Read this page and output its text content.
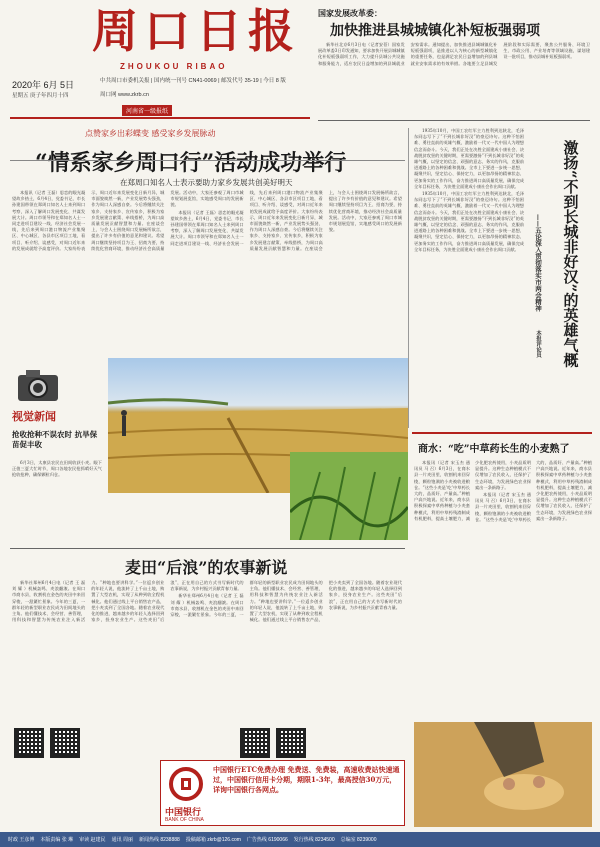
周口日报
ZHOUKOU RIBAO
2020年 6月 5日
星期五 庚子年四月十四
中共周口市委机关报 | 国内统一刊号 CN41-0069 | 邮发代号 35-19 | 今日 8 版
周口网 www.zkrb.cn
河南省一级报纸
国家发展改革委：
加快推进县城城镇化补短板强弱项

新华社北京6月3日电（记者安蓓）国家发展改革委3日印发通知，要求加快开展县城城镇化补短板强弱项工作，大力提升县城公共设施和服务能力，适应农民日益增加的到县城就业安家需求。通知提出，加快推进县城城镇化补短板强弱项，是推进以人为核心的新型城镇化的重要任务，也是满足农民日益增加的到县城就业安家需求的有效举措。各地要立足县城发展阶段和实际需要，聚焦公共服务、环境卫生、市政公用、产业培育等领域设施，谋划建设一批项目，推动县城补短板强弱项。

点赞家乡出彩蝶变 感受家乡发展脉动
“情系家乡周口行”活动成功举行
在郑周口知名人士表示要助力家乡发展共创美好明天

本报讯（记者 王磊）思恋的眼光凝望故乡热土，6月4日，党委书记、市长孙建国带领在郑周口知名人士来到周口考察，深入了解周口发展变化、共谋发展大计。周口市领导和在郑知名人士一同走进项目建设一线、经济社会发展一线，先后来到周口港口物流产业集聚区、中心城区、各县市区项目工地，看项目、听介绍、谈感受，对周口近年来的发展成就给予高度评价。大家纷纷表示，周口近年来发展变化日新月异，城市面貌焕然一新，产业发展势头强劲，作为周口人深感自豪。今后将继续关注家乡、支持家乡、宣传家乡，积极为家乡发展建言献策、牵线搭桥，为周口高质量发展贡献智慧和力量。在座谈会上，与会人士围绕周口发展畅所欲言，提出了许多有价值的意见和建议。希望周口继续坚持项目为王、招商为要，持续优化营商环境，推动经济社会高质量发展。活动中，大家还参观了周口市城市规划展览馆，实地感受周口的发展新貌。

本报讯（记者 王磊）思恋的眼光凝望故乡热土，6月4日，党委书记、市长孙建国带领在郑周口知名人士来到周口考察，深入了解周口发展变化、共谋发展大计。周口市领导和在郑知名人士一同走进项目建设一线、经济社会发展一线，先后来到周口港口物流产业集聚区、中心城区、各县市区项目工地，看项目、听介绍、谈感受，对周口近年来的发展成就给予高度评价。大家纷纷表示，周口近年来发展变化日新月异，城市面貌焕然一新，产业发展势头强劲，作为周口人深感自豪。今后将继续关注家乡、支持家乡、宣传家乡，积极为家乡发展建言献策、牵线搭桥，为周口高质量发展贡献智慧和力量。在座谈会上，与会人士围绕周口发展畅所欲言，提出了许多有价值的意见和建议。希望周口继续坚持项目为王、招商为要，持续优化营商环境，推动经济社会高质量发展。活动中，大家还参观了周口市城市规划展览馆，实地感受周口的发展新貌。

1935年10月，中国工农红军主力胜利到达陕北，毛泽东同志写下了“不到长城非好汉”的豪迈诗句。这种不怕困难、勇往直前的英雄气概，激励着一代又一代中国人为理想信念而奋斗。今天，我们正处在决胜全面建成小康社会、决战脱贫攻坚的关键时期，更需要激扬“不到长城非好汉”的英雄气概，以坚定的信念、顽强的意志、务实的作风，克服前进道路上的各种困难和挑战。全市上下要进一步统一思想、凝聚共识，坚定信心、保持定力，以更加昂扬的精神状态、更加务实的工作作风，奋力推进周口高质量发展，确保完成全年目标任务，为决胜全面建成小康社会作出周口贡献。

1935年10月，中国工农红军主力胜利到达陕北，毛泽东同志写下了“不到长城非好汉”的豪迈诗句。这种不怕困难、勇往直前的英雄气概，激励着一代又一代中国人为理想信念而奋斗。今天，我们正处在决胜全面建成小康社会、决战脱贫攻坚的关键时期，更需要激扬“不到长城非好汉”的英雄气概，以坚定的信念、顽强的意志、务实的作风，克服前进道路上的各种困难和挑战。全市上下要进一步统一思想、凝聚共识，坚定信心、保持定力，以更加昂扬的精神状态、更加务实的工作作风，奋力推进周口高质量发展，确保完成全年目标任务，为决胜全面建成小康社会作出周口贡献。	激扬“不到长城非好汉”的英雄气概
——五论深入贯彻落实市两会精神
本报评论员
视觉新闻
抢收抢种不误农时 抗旱保苗促丰收

6月3日，太康县农民在田间收获小麦。眼下正值三夏大忙时节，周口各地农民抢抓晴好天气抢收抢种，确保颗粒归仓。

麦田“后浪”的农事新说

新华社郑州6月4日电（记者 王 磊 刘 耀 ）机械轰鸣、麦浪翻滚。在周口市商水县，收割机在金色的麦田中来回穿梭，一派繁忙景象。今年的三夏，一群年轻的新型职业农民成为田间地头的主角。他们懂技术、会经营、善管理，用科技和智慧为传统农业注入新活力。“种地也要讲科学。”一位返乡创业的年轻人说，他流转了上千亩土地，购置了大型农机，实现了从种到收全程机械化。他们通过线上平台销售农产品，把小麦卖到了全国各地。随着农业现代化的推进，越来越多的年轻人选择回到家乡，投身农业生产。这些麦田“后浪”，正在用自己的方式书写新时代的农事新说，为乡村振兴贡献青春力量。

新华社郑州6月4日电（记者 王 磊 刘 耀 ）机械轰鸣、麦浪翻滚。在周口市商水县，收割机在金色的麦田中来回穿梭，一派繁忙景象。今年的三夏，一群年轻的新型职业农民成为田间地头的主角。他们懂技术、会经营、善管理，用科技和智慧为传统农业注入新活力。“种地也要讲科学。”一位返乡创业的年轻人说，他流转了上千亩土地，购置了大型农机，实现了从种到收全程机械化。他们通过线上平台销售农产品，把小麦卖到了全国各地。随着农业现代化的推进，越来越多的年轻人选择回到家乡，投身农业生产。这些麦田“后浪”，正在用自己的方式书写新时代的农事新说，为乡村振兴贡献青春力量。

商水：“吃”中草药长生的小麦熟了

本报讯（记者 宋玉杰 通讯员 马 召）6月3日，在商水县一片麦田里，收割机来回穿梭，颗粒饱满的小麦被收进粮仓。“这些小麦是‘吃’中草药长大的，品质好、产量高。”种植户高兴地说。近年来，商水县积极探索中草药种植与小麦套种模式，利用中草药残渣制成有机肥料，提高土壤肥力，减少化肥农药使用，小麦品质明显提升。这种生态种植模式不仅增加了农民收入，还保护了生态环境，为发展绿色农业探索出一条新路子。

本报讯（记者 宋玉杰 通讯员 马 召）6月3日，在商水县一片麦田里，收割机来回穿梭，颗粒饱满的小麦被收进粮仓。“这些小麦是‘吃’中草药长大的，品质好、产量高。”种植户高兴地说。近年来，商水县积极探索中草药种植与小麦套种模式，利用中草药残渣制成有机肥料，提高土壤肥力，减少化肥农药使用，小麦品质明显提升。这种生态种植模式不仅增加了农民收入，还保护了生态环境，为发展绿色农业探索出一条新路子。

中国银行
BANK OF CHINA
中国银行ETC免费办理 免费送、免费装，高速收费站快速通过，中国银行信用卡分期，期限1-3年，最高授信30万元，详询中国银行各网点。
时政 王彦博 本版责编 张 琳 审读 赵建民 通讯 周丽 新闻热线 8238888 投稿邮箱 zkrb@126.com 广告热线 6190066 发行热线 8234500 总编室 8239000
